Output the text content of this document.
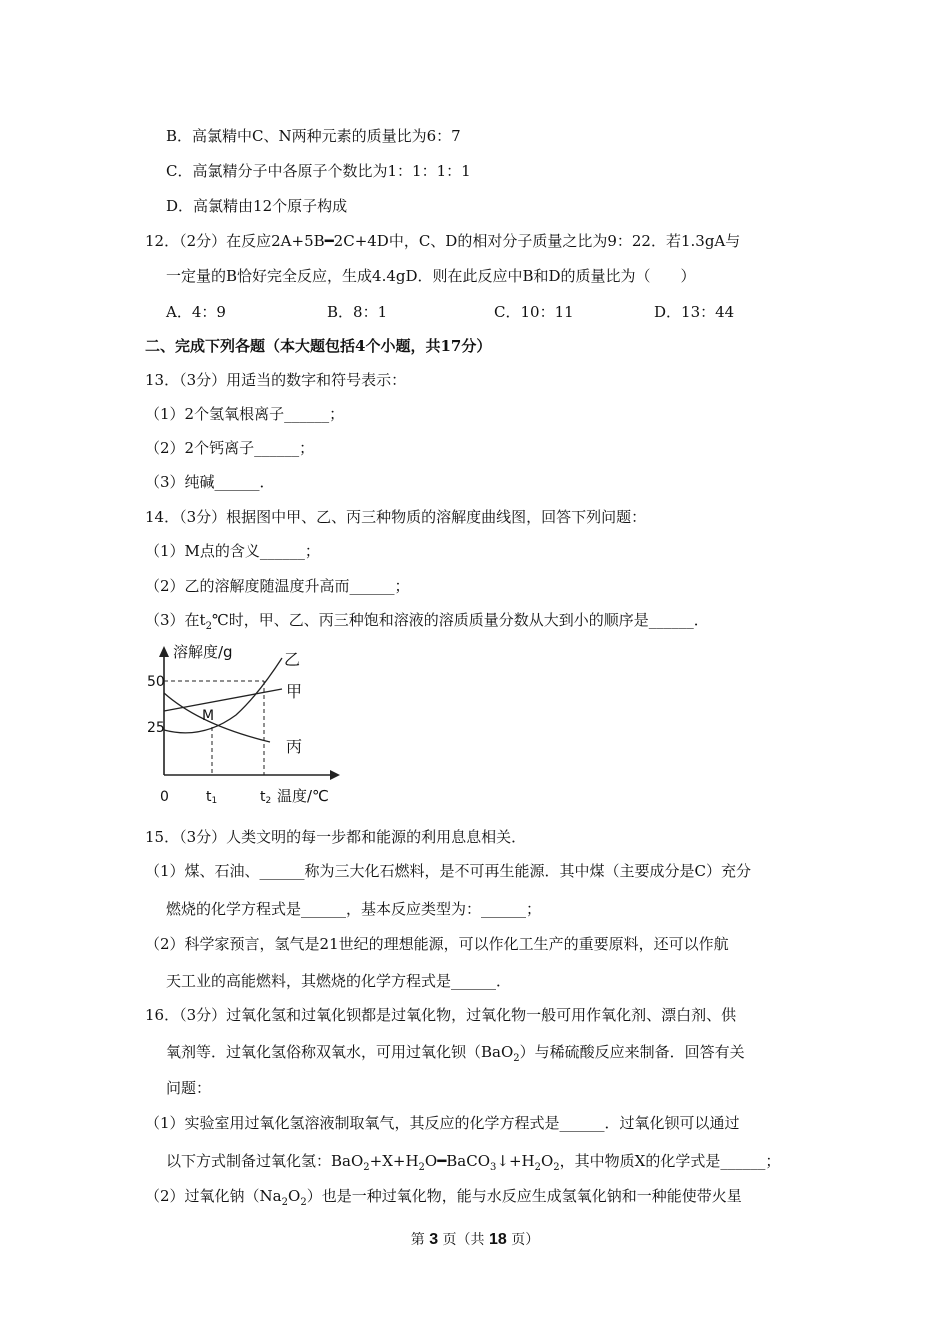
B．高氯精中C、N两种元素的质量比为6：7
C．高氯精分子中各原子个数比为1：1：1：1
D．高氯精由12个原子构成
12．（2分）在反应2A+5B━2C+4D中，C、D的相对分子质量之比为9：22．若1.3gA与
一定量的B恰好完全反应，生成4.4gD．则在此反应中B和D的质量比为（　　）
A．4：9	B．8：1	C．10：11	D．13：44
二、完成下列各题（本大题包括4个小题，共17分）
13．（3分）用适当的数字和符号表示：
（1）2个氢氧根离子______；
（2）2个钙离子______；
（3）纯碱______．
14．（3分）根据图中甲、乙、丙三种物质的溶解度曲线图，回答下列问题：
（1）M点的含义______；
（2）乙的溶解度随温度升高而______；
（3）在$t_2℃$时，甲、乙、丙三种饱和溶液的溶质质量分数从大到小的顺序是______．
溶解度/g
50
25
0	t1	t2 温度/℃
M
乙
甲
丙
15．（3分）人类文明的每一步都和能源的利用息息相关．
（1）煤、石油、______称为三大化石燃料，是不可再生能源．其中煤（主要成分是C）充分
燃烧的化学方程式是______，基本反应类型为：______；
（2）科学家预言，氢气是21世纪的理想能源，可以作化工生产的重要原料，还可以作航
天工业的高能燃料，其燃烧的化学方程式是______．
16．（3分）过氧化氢和过氧化钡都是过氧化物，过氧化物一般可用作氧化剂、漂白剂、供
氧剂等．过氧化氢俗称双氧水，可用过氧化钡（BaO$_2$）与稀硫酸反应来制备．回答有关
问题：
（1）实验室用过氧化氢溶液制取氧气，其反应的化学方程式是______．过氧化钡可以通过
以下方式制备过氧化氢：$BaO_2+X+H_2O━BaCO_3↓+H_2O_2$，其中物质X的化学式是______；
（2）过氧化钠$(Na_2O_2)$也是一种过氧化物，能与水反应生成氢氧化钠和一种能使带火星
第 3 页（共 18 页）
